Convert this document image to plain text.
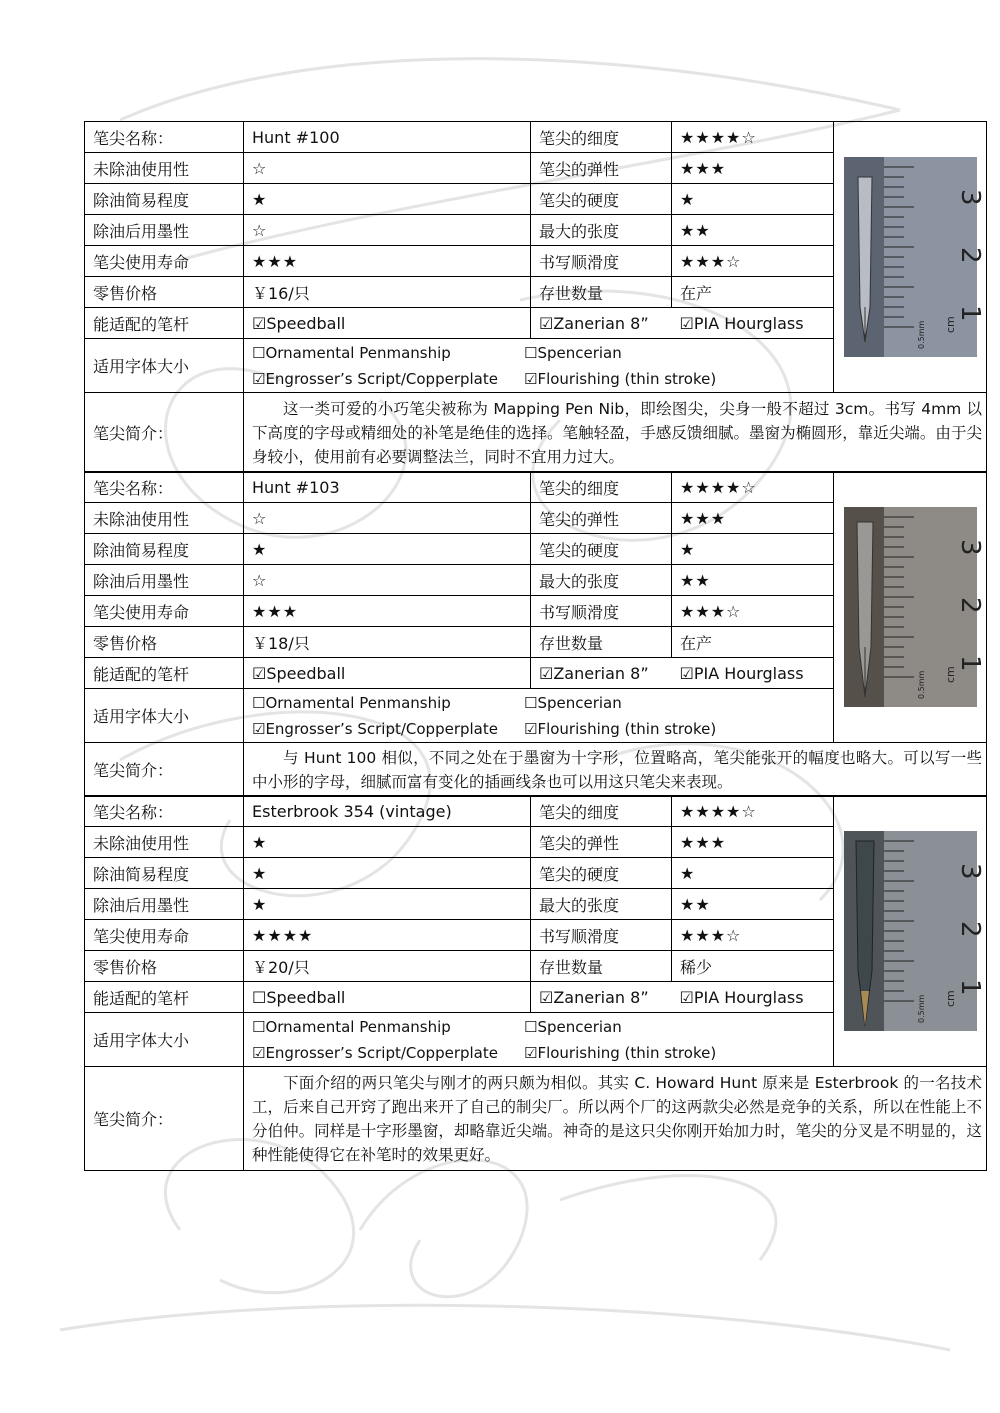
笔尖名称：	Hunt #100	笔尖的细度	★★★★☆	3
2
1
cm
0.5mm

未除油使用性	☆	笔尖的弹性	★★★	
除油简易程度	★	笔尖的硬度	★	
除油后用墨性	☆	最大的张度	★★	
笔尖使用寿命	★★★	书写顺滑度	★★★☆	
零售价格	￥16/只	存世数量	在产	
能适配的笔杆	☑Speedball	☑Zanerian 8”	☑PIA Hourglass	
适用字体大小	☐Ornamental Penmanship ☐Spencerian
☑Engrosser’s Script/Copperplate ☑Flourishing (thin stroke)			

笔尖简介：	这一类可爱的小巧笔尖被称为 Mapping Pen Nib，即绘图尖，尖身一般不超过 3cm。书写 4mm 以下高度的字母或精细处的补笔是绝佳的选择。笔触轻盈，手感反馈细腻。墨窗为椭圆形，靠近尖端。由于尖身较小，使用前有必要调整法兰，同时不宜用力过大。			

笔尖名称：	Hunt #103	笔尖的细度	★★★★☆	3
2
1
cm
0.5mm

未除油使用性	☆	笔尖的弹性	★★★	
除油简易程度	★	笔尖的硬度	★	
除油后用墨性	☆	最大的张度	★★	
笔尖使用寿命	★★★	书写顺滑度	★★★☆	
零售价格	￥18/只	存世数量	在产	
能适配的笔杆	☑Speedball	☑Zanerian 8”	☑PIA Hourglass	
适用字体大小	☐Ornamental Penmanship ☐Spencerian
☑Engrosser’s Script/Copperplate ☑Flourishing (thin stroke)			

笔尖简介：	与 Hunt 100 相似，不同之处在于墨窗为十字形，位置略高，笔尖能张开的幅度也略大。可以写一些中小形的字母，细腻而富有变化的插画线条也可以用这只笔尖来表现。			

笔尖名称：	Esterbrook 354 (vintage)	笔尖的细度	★★★★☆	3
2
1
cm
0.5mm

未除油使用性	★	笔尖的弹性	★★★	
除油简易程度	★	笔尖的硬度	★	
除油后用墨性	★	最大的张度	★★	
笔尖使用寿命	★★★★	书写顺滑度	★★★☆	
零售价格	￥20/只	存世数量	稀少	
能适配的笔杆	☐Speedball	☑Zanerian 8”	☑PIA Hourglass	
适用字体大小	☐Ornamental Penmanship ☐Spencerian
☑Engrosser’s Script/Copperplate ☑Flourishing (thin stroke)			

笔尖简介：	下面介绍的两只笔尖与刚才的两只颇为相似。其实 C. Howard Hunt 原来是 Esterbrook 的一名技术工，后来自己开窍了跑出来开了自己的制尖厂。所以两个厂的这两款尖必然是竞争的关系，所以在性能上不分伯仲。同样是十字形墨窗，却略靠近尖端。神奇的是这只尖你刚开始加力时，笔尖的分叉是不明显的，这种性能使得它在补笔时的效果更好。			
